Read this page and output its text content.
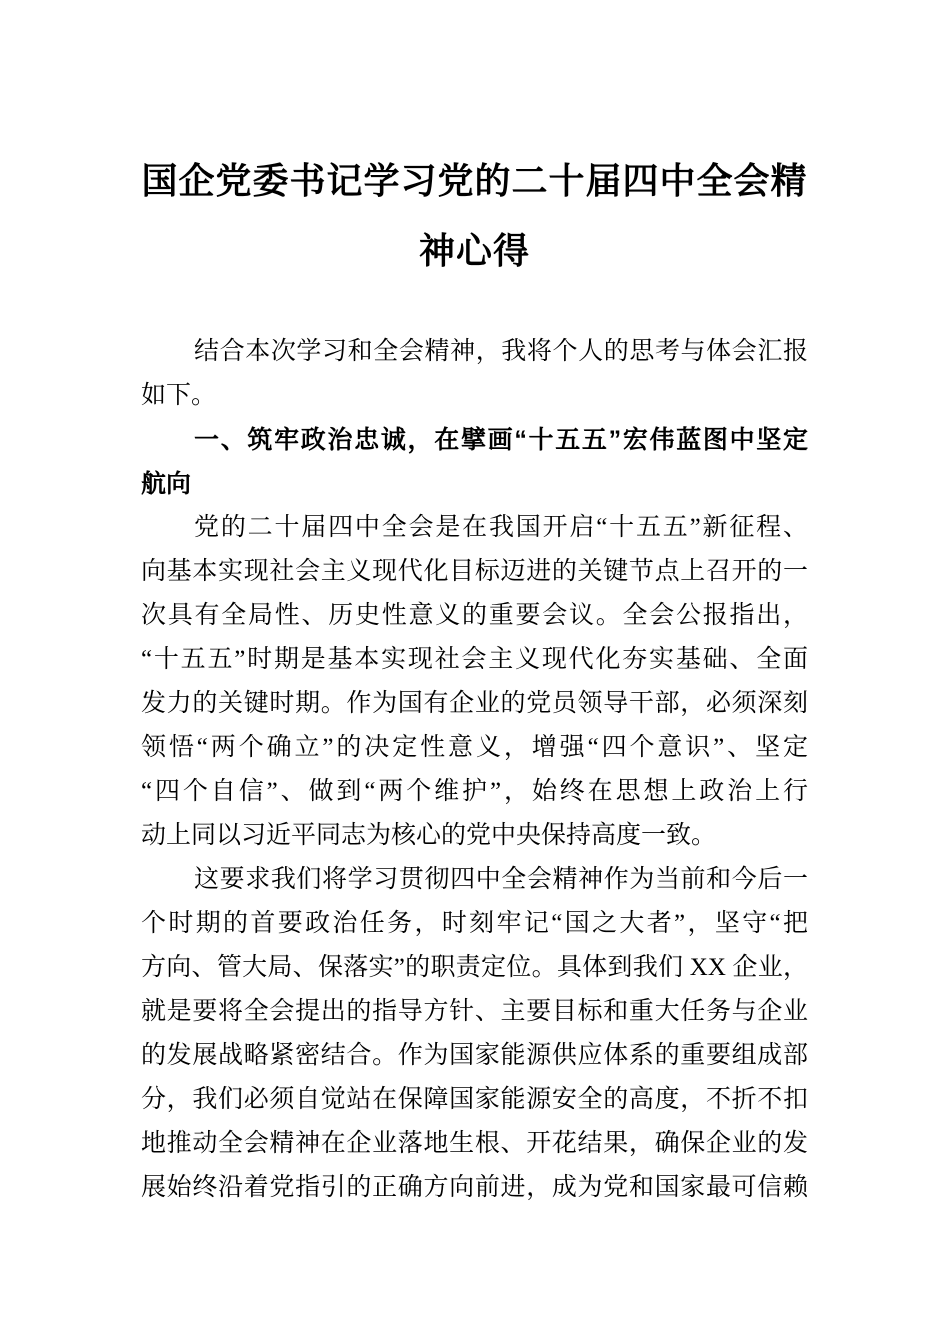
国企党委书记学习党的二十届四中全会精
神心得
结合本次学习和全会精神，我将个人的思考与体会汇报
如下。
一、筑牢政治忠诚，在擘画“十五五”宏伟蓝图中坚定
航向
党的二十届四中全会是在我国开启“十五五”新征程、
向基本实现社会主义现代化目标迈进的关键节点上召开的一
次具有全局性、历史性意义的重要会议。全会公报指出，
“十五五”时期是基本实现社会主义现代化夯实基础、全面
发力的关键时期。作为国有企业的党员领导干部，必须深刻
领悟“两个确立”的决定性意义，增强“四个意识”、坚定
“四个自信”、做到“两个维护”，始终在思想上政治上行
动上同以习近平同志为核心的党中央保持高度一致。
这要求我们将学习贯彻四中全会精神作为当前和今后一
个时期的首要政治任务，时刻牢记“国之大者”，坚守“把
方向、管大局、保落实”的职责定位。具体到我们 XX 企业，
就是要将全会提出的指导方针、主要目标和重大任务与企业
的发展战略紧密结合。作为国家能源供应体系的重要组成部
分，我们必须自觉站在保障国家能源安全的高度，不折不扣
地推动全会精神在企业落地生根、开花结果，确保企业的发
展始终沿着党指引的正确方向前进，成为党和国家最可信赖
